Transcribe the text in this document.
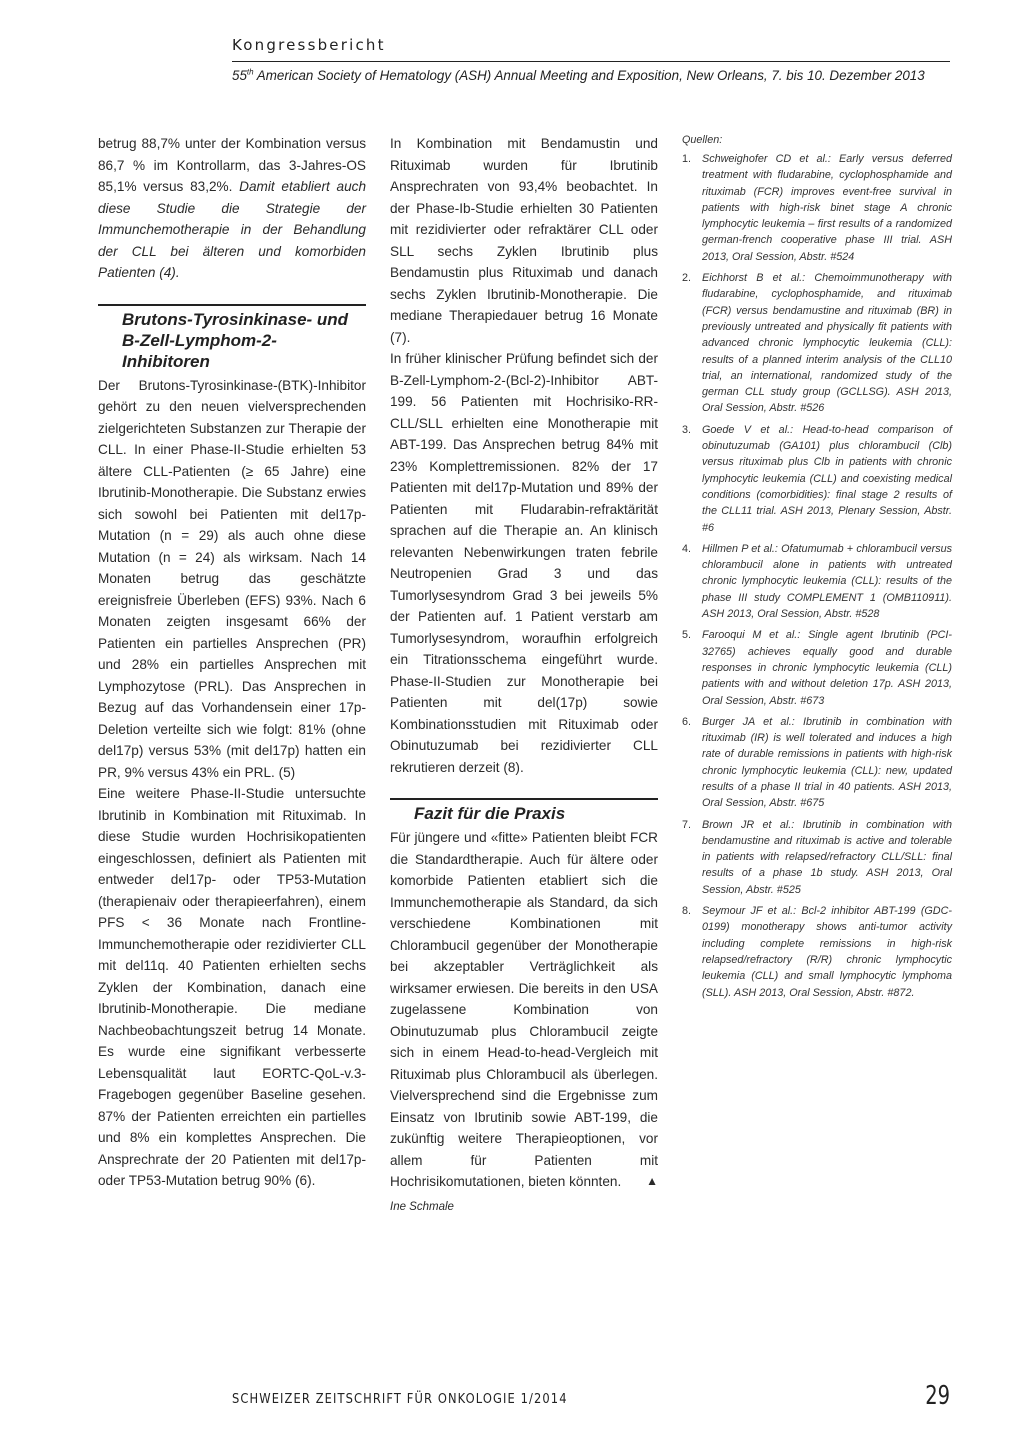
Kongressbericht
55th American Society of Hematology (ASH) Annual Meeting and Exposition, New Orleans, 7. bis 10. Dezember 2013

betrug 88,7% unter der Kombination versus 86,7 % im Kontrollarm, das 3-Jahres-OS 85,1% versus 83,2%. Damit etabliert auch diese Studie die Strategie der Immunchemotherapie in der Behandlung der CLL bei älteren und komorbiden Patienten (4).

Brutons-Tyrosinkinase- und B-Zell-Lymphom-2- Inhibitoren

Der Brutons-Tyrosinkinase-(BTK)-Inhibitor gehört zu den neuen vielversprechenden zielgerichteten Substanzen zur Therapie der CLL. In einer Phase-II-Studie erhielten 53 ältere CLL-Patienten (≥ 65 Jahre) eine Ibrutinib-Monotherapie. Die Substanz erwies sich sowohl bei Patienten mit del17p-Mutation (n = 29) als auch ohne diese Mutation (n = 24) als wirksam. Nach 14 Monaten betrug das geschätzte ereignisfreie Überleben (EFS) 93%. Nach 6 Monaten zeigten insgesamt 66% der Patienten ein partielles Ansprechen (PR) und 28% ein partielles Ansprechen mit Lymphozytose (PRL). Das Ansprechen in Bezug auf das Vorhandensein einer 17p-Deletion verteilte sich wie folgt: 81% (ohne del17p) versus 53% (mit del17p) hatten ein PR, 9% versus 43% ein PRL. (5)

Eine weitere Phase-II-Studie untersuchte Ibrutinib in Kombination mit Rituximab. In diese Studie wurden Hochrisikopatienten eingeschlossen, definiert als Patienten mit entweder del17p- oder TP53-Mutation (therapienaiv oder therapieerfahren), einem PFS < 36 Monate nach Frontline-Immunchemotherapie oder rezidivierter CLL mit del11q. 40 Patienten erhielten sechs Zyklen der Kombination, danach eine Ibrutinib-Monotherapie. Die mediane Nachbeobachtungszeit betrug 14 Monate. Es wurde eine signifikant verbesserte Lebensqualität laut EORTC-QoL-v.3-Fragebogen gegenüber Baseline gesehen. 87% der Patienten erreichten ein partielles und 8% ein komplettes Ansprechen. Die Ansprechrate der 20 Patienten mit del17p- oder TP53-Mutation betrug 90% (6).

In Kombination mit Bendamustin und Rituximab wurden für Ibrutinib Ansprechraten von 93,4% beobachtet. In der Phase-Ib-Studie erhielten 30 Patienten mit rezidivierter oder refraktärer CLL oder SLL sechs Zyklen Ibrutinib plus Bendamustin plus Rituximab und danach sechs Zyklen Ibrutinib-Monotherapie. Die mediane Therapiedauer betrug 16 Monate (7).

In früher klinischer Prüfung befindet sich der B-Zell-Lymphom-2-(Bcl-2)-Inhibitor ABT-199. 56 Patienten mit Hochrisiko-RR-CLL/SLL erhielten eine Monotherapie mit ABT-199. Das Ansprechen betrug 84% mit 23% Komplettremissionen. 82% der 17 Patienten mit del17p-Mutation und 89% der Patienten mit Fludarabin-refraktärität sprachen auf die Therapie an. An klinisch relevanten Nebenwirkungen traten febrile Neutropenien Grad 3 und das Tumorlysesyndrom Grad 3 bei jeweils 5% der Patienten auf. 1 Patient verstarb am Tumorlysesyndrom, woraufhin erfolgreich ein Titrationsschema eingeführt wurde. Phase-II-Studien zur Monotherapie bei Patienten mit del(17p) sowie Kombinationsstudien mit Rituximab oder Obinutuzumab bei rezidivierter CLL rekrutieren derzeit (8).

Fazit für die Praxis

Für jüngere und «fitte» Patienten bleibt FCR die Standardtherapie. Auch für ältere oder komorbide Patienten etabliert sich die Immunchemotherapie als Standard, da sich verschiedene Kombinationen mit Chlorambucil gegenüber der Monotherapie bei akzeptabler Verträglichkeit als wirksamer erwiesen. Die bereits in den USA zugelassene Kombination von Obinutuzumab plus Chlorambucil zeigte sich in einem Head-to-head-Vergleich mit Rituximab plus Chlorambucil als überlegen. Vielversprechend sind die Ergebnisse zum Einsatz von Ibrutinib sowie ABT-199, die zukünftig weitere Therapieoptionen, vor allem für Patienten mit Hochrisikomutationen, bieten könnten. ▲

Ine Schmale
Quellen:
1. Schweighofer CD et al.: Early versus deferred treatment with fludarabine, cyclophosphamide and rituximab (FCR) improves event-free survival in patients with high-risk binet stage A chronic lymphocytic leukemia – first results of a randomized german-french cooperative phase III trial. ASH 2013, Oral Session, Abstr. #524
2. Eichhorst B et al.: Chemoimmunotherapy with fludarabine, cyclophosphamide, and rituximab (FCR) versus bendamustine and rituximab (BR) in previously untreated and physically fit patients with advanced chronic lymphocytic leukemia (CLL): results of a planned interim analysis of the CLL10 trial, an international, randomized study of the german CLL study group (GCLLSG). ASH 2013, Oral Session, Abstr. #526
3. Goede V et al.: Head-to-head comparison of obinutuzumab (GA101) plus chlorambucil (Clb) versus rituximab plus Clb in patients with chronic lymphocytic leukemia (CLL) and coexisting medical conditions (comorbidities): final stage 2 results of the CLL11 trial. ASH 2013, Plenary Session, Abstr. #6
4. Hillmen P et al.: Ofatumumab + chlorambucil versus chlorambucil alone in patients with untreated chronic lymphocytic leukemia (CLL): results of the phase III study COMPLEMENT 1 (OMB110911). ASH 2013, Oral Session, Abstr. #528
5. Farooqui M et al.: Single agent Ibrutinib (PCI-32765) achieves equally good and durable responses in chronic lymphocytic leukemia (CLL) patients with and without deletion 17p. ASH 2013, Oral Session, Abstr. #673
6. Burger JA et al.: Ibrutinib in combination with rituximab (IR) is well tolerated and induces a high rate of durable remissions in patients with high-risk chronic lymphocytic leukemia (CLL): new, updated results of a phase II trial in 40 patients. ASH 2013, Oral Session, Abstr. #675
7. Brown JR et al.: Ibrutinib in combination with bendamustine and rituximab is active and tolerable in patients with relapsed/refractory CLL/SLL: final results of a phase 1b study. ASH 2013, Oral Session, Abstr. #525
8. Seymour JF et al.: Bcl-2 inhibitor ABT-199 (GDC-0199) monotherapy shows anti-tumor activity including complete remissions in high-risk relapsed/refractory (R/R) chronic lymphocytic leukemia (CLL) and small lymphocytic lymphoma (SLL). ASH 2013, Oral Session, Abstr. #872.
SCHWEIZER ZEITSCHRIFT FÜR ONKOLOGIE 1/2014	29
